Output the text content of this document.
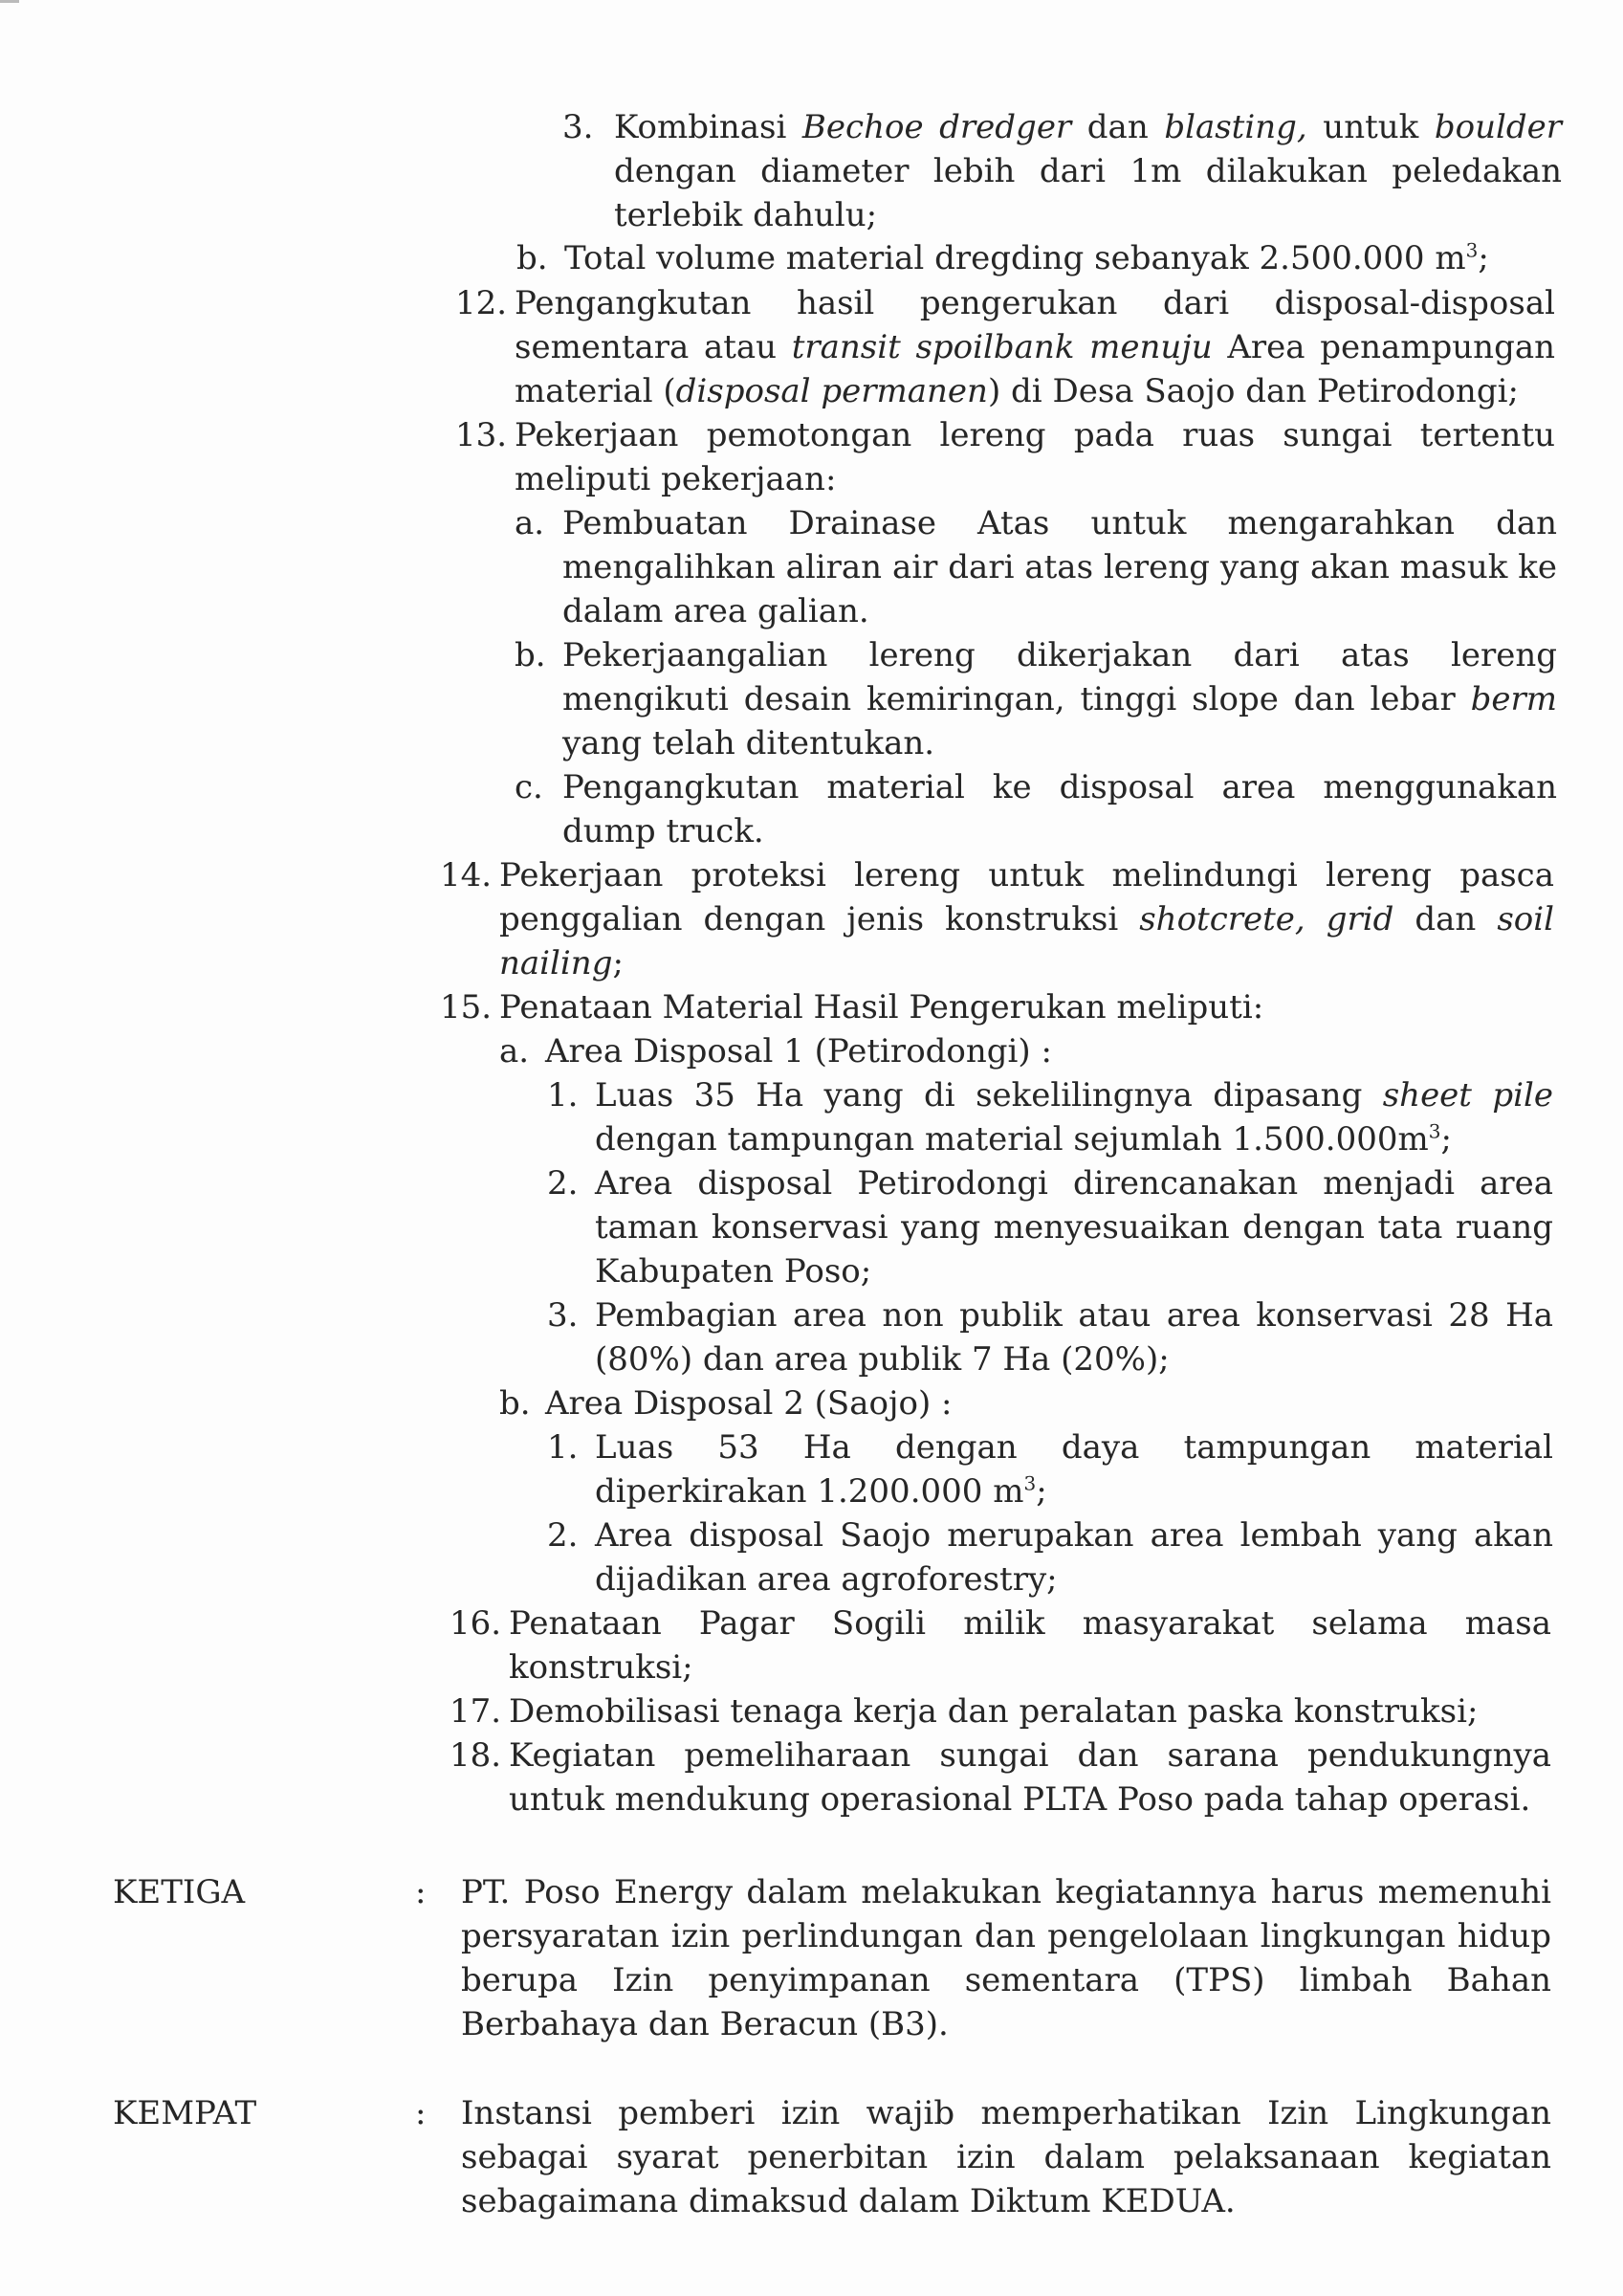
3. Kombinasi Bechoe dredger dan blasting, untuk boulder dengan diameter lebih dari 1m dilakukan peledakan terlebik dahulu;
b. Total volume material dregding sebanyak 2.500.000 $m^3$;
12. Pengangkutan hasil pengerukan dari disposal-disposal sementara atau transit spoilbank menuju Area penampungan material (disposal permanen) di Desa Saojo dan Petirodongi;
13. Pekerjaan pemotongan lereng pada ruas sungai tertentu meliputi pekerjaan:
a. Pembuatan Drainase Atas untuk mengarahkan dan mengalihkan aliran air dari atas lereng yang akan masuk ke dalam area galian.
b. Pekerjaangalian lereng dikerjakan dari atas lereng mengikuti desain kemiringan, tinggi slope dan lebar berm yang telah ditentukan.
c. Pengangkutan material ke disposal area menggunakan dump truck.
14. Pekerjaan proteksi lereng untuk melindungi lereng pasca penggalian dengan jenis konstruksi shotcrete, grid dan soil nailing;
15. Penataan Material Hasil Pengerukan meliputi:
a. Area Disposal 1 (Petirodongi) :
1. Luas 35 Ha yang di sekelilingnya dipasang sheet pile dengan tampungan material sejumlah $1.500.000m^3$;
2. Area disposal Petirodongi direncanakan menjadi area taman konservasi yang menyesuaikan dengan tata ruang Kabupaten Poso;
3. Pembagian area non publik atau area konservasi 28 Ha (80%) dan area publik 7 Ha (20%);
b. Area Disposal 2 (Saojo) :
1. Luas 53 Ha dengan daya tampungan material diperkirakan 1.200.000 $m^3$;
2. Area disposal Saojo merupakan area lembah yang akan dijadikan area agroforestry;
16. Penataan Pagar Sogili milik masyarakat selama masa konstruksi;
17. Demobilisasi tenaga kerja dan peralatan paska konstruksi;
18. Kegiatan pemeliharaan sungai dan sarana pendukungnya untuk mendukung operasional PLTA Poso pada tahap operasi.
KETIGA	: PT. Poso Energy dalam melakukan kegiatannya harus memenuhi persyaratan izin perlindungan dan pengelolaan lingkungan hidup berupa Izin penyimpanan sementara (TPS) limbah Bahan Berbahaya dan Beracun (B3).
KEMPAT	: Instansi pemberi izin wajib memperhatikan Izin Lingkungan sebagai syarat penerbitan izin dalam pelaksanaan kegiatan sebagaimana dimaksud dalam Diktum KEDUA.
